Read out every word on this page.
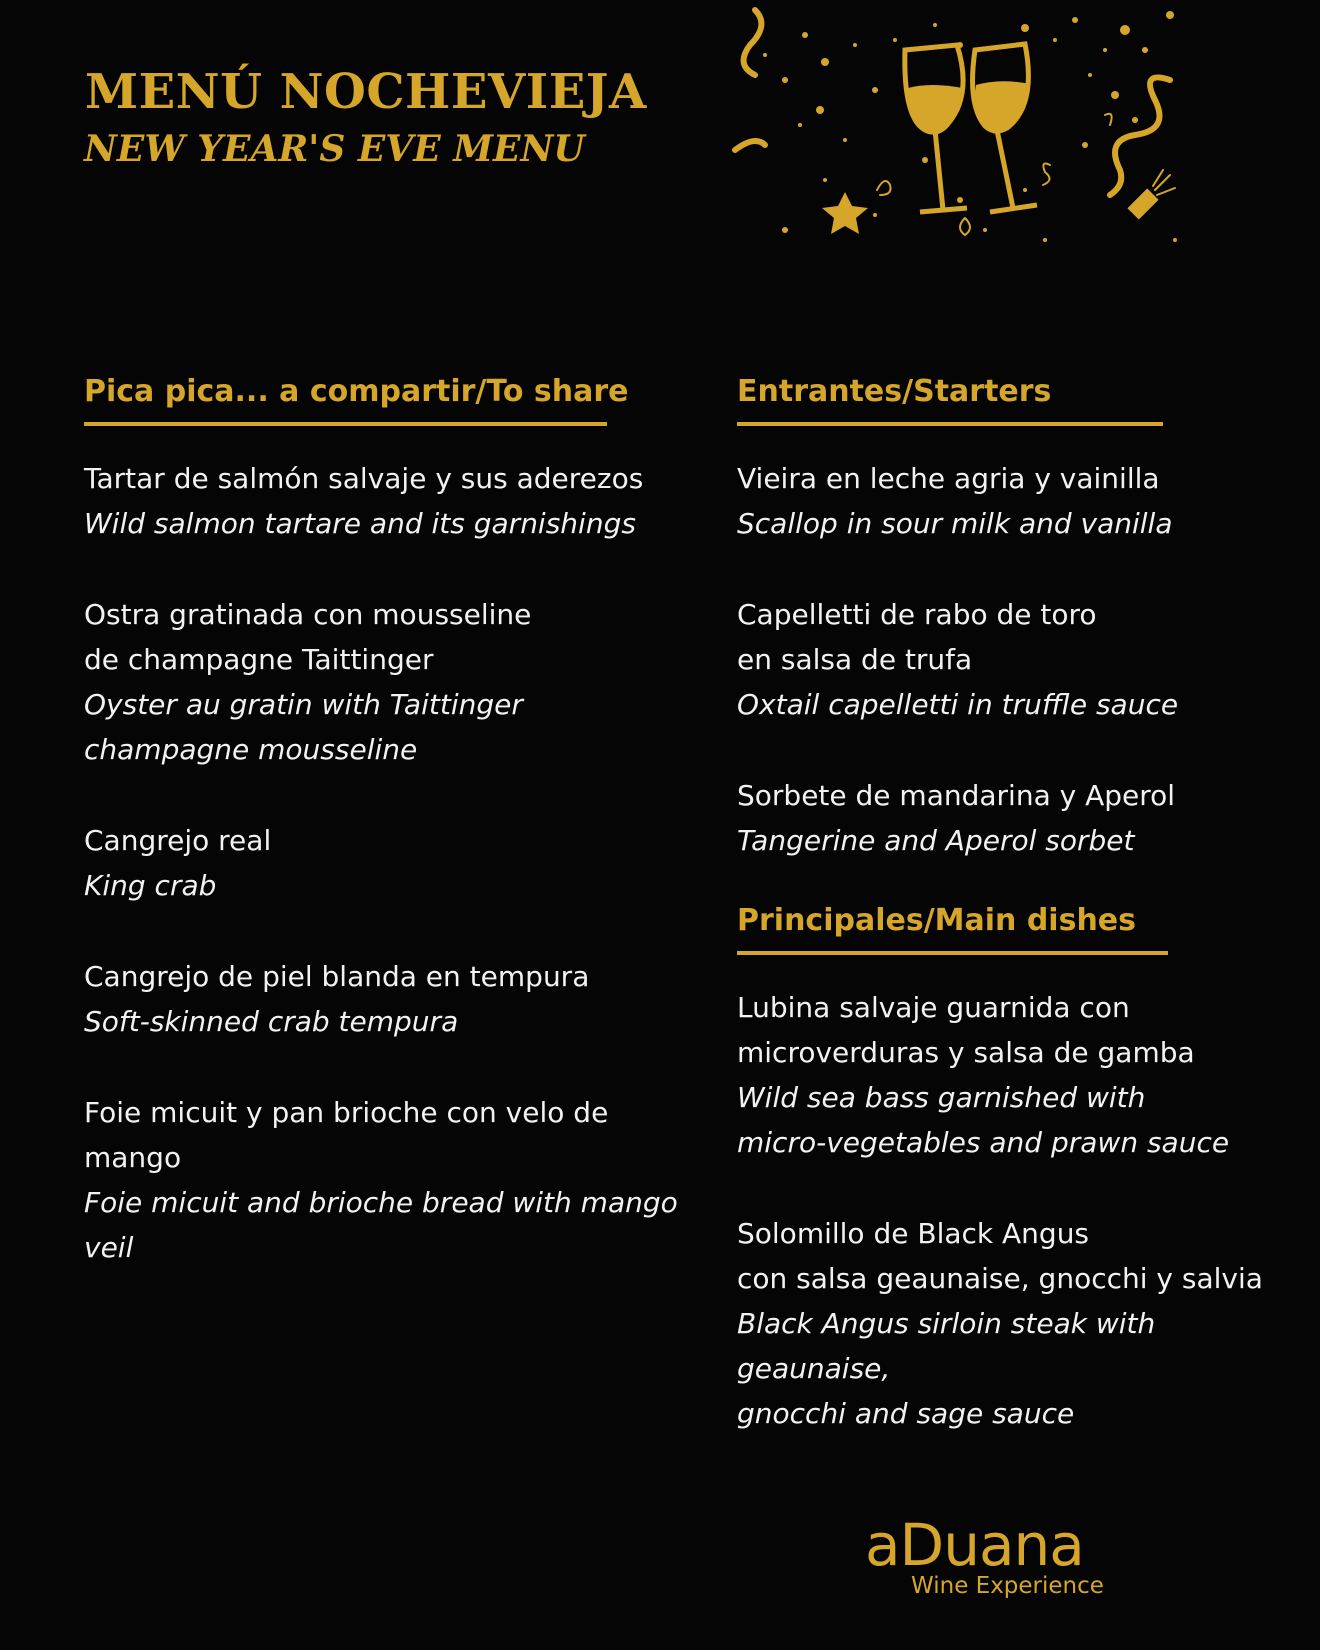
MENÚ NOCHEVIEJA
NEW YEAR'S EVE MENU
Pica pica... a compartir/To share
Tartar de salmón salvaje y sus aderezos
Wild salmon tartare and its garnishings
Ostra gratinada con mousseline
de champagne Taittinger
Oyster au gratin with Taittinger
champagne mousseline
Cangrejo real
King crab
Cangrejo de piel blanda en tempura
Soft-skinned crab tempura
Foie micuit y pan brioche con velo de mango
Foie micuit and brioche bread with mango veil
Entrantes/Starters
Vieira en leche agria y vainilla
Scallop in sour milk and vanilla
Capelletti de rabo de toro
en salsa de trufa
Oxtail capelletti in truffle sauce
Sorbete de mandarina y Aperol
Tangerine and Aperol sorbet
Principales/Main dishes
Lubina salvaje guarnida con
microverduras y salsa de gamba
Wild sea bass garnished with
micro-vegetables and prawn sauce
Solomillo de Black Angus
con salsa geaunaise, gnocchi y salvia
Black Angus sirloin steak with geaunaise,
gnocchi and sage sauce
aDuana
Wine Experience
